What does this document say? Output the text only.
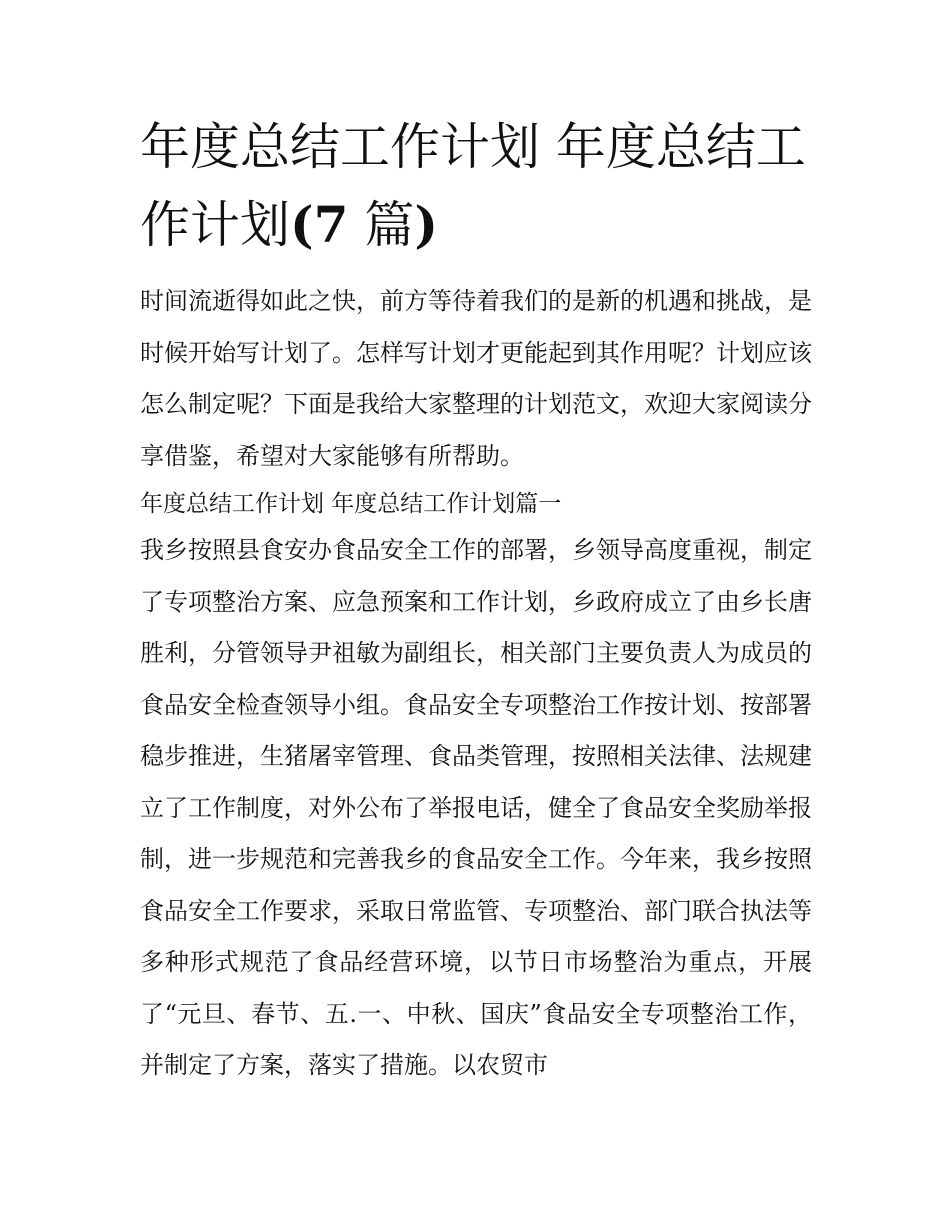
年度总结工作计划 年度总结工作计划(7 篇)

时间流逝得如此之快，前方等待着我们的是新的机遇和挑战，是时候开始写计划了。怎样写计划才更能起到其作用呢？计划应该怎么制定呢？下面是我给大家整理的计划范文，欢迎大家阅读分享借鉴，希望对大家能够有所帮助。

年度总结工作计划 年度总结工作计划篇一

我乡按照县食安办食品安全工作的部署，乡领导高度重视，制定了专项整治方案、应急预案和工作计划，乡政府成立了由乡长唐胜利，分管领导尹祖敏为副组长，相关部门主要负责人为成员的食品安全检查领导小组。食品安全专项整治工作按计划、按部署稳步推进，生猪屠宰管理、食品类管理，按照相关法律、法规建立了工作制度，对外公布了举报电话，健全了食品安全奖励举报制，进一步规范和完善我乡的食品安全工作。今年来，我乡按照食品安全工作要求，采取日常监管、专项整治、部门联合执法等多种形式规范了食品经营环境，以节日市场整治为重点，开展了“元旦、春节、五.一、中秋、国庆”食品安全专项整治工作，并制定了方案，落实了措施。以农贸市
